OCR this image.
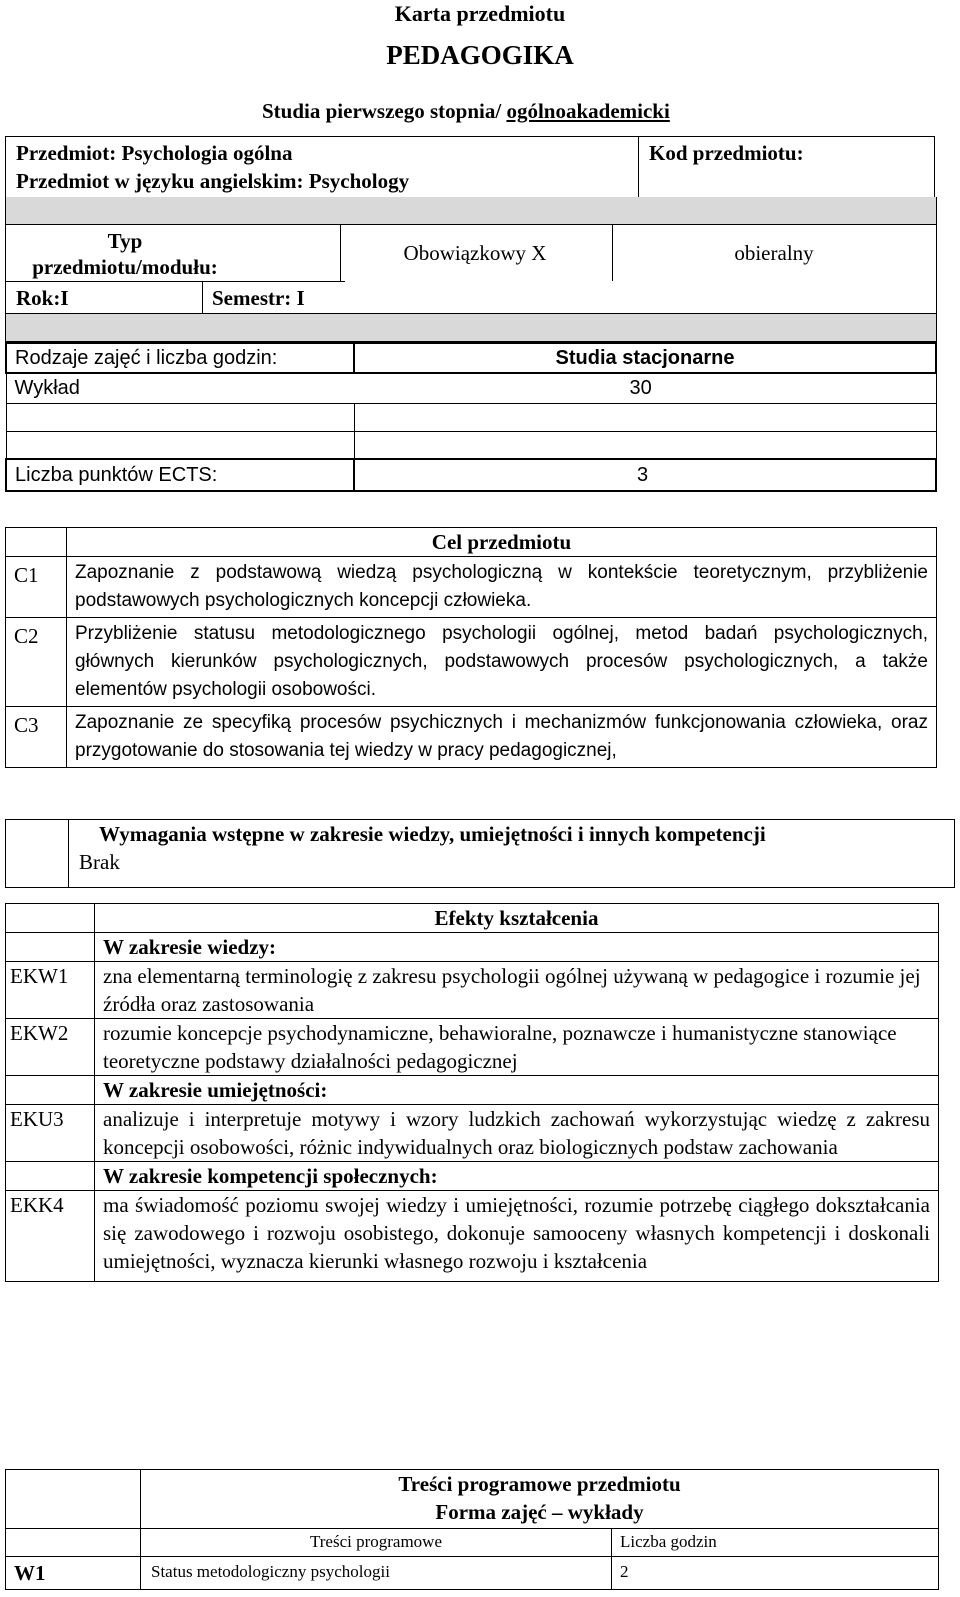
Karta przedmiotu
PEDAGOGIKA
Studia pierwszego stopnia/ ogólnoakademicki
Przedmiot: Psychologia ogólna
Przedmiot w języku angielskim: Psychology

Kod przedmiotu:
Typ przedmiotu/modułu:
Obowiązkowy X	obieralny
Rok:I	Semestr: I
Rodzaje zajęć i liczba godzin:	Studia stacjonarne
Wykład 30	

Liczba punktów ECTS:	3
	Cel przedmiotu
C1	Zapoznanie z podstawową wiedzą psychologiczną w kontekście teoretycznym, przybliżenie podstawowych psychologicznych koncepcji człowieka.
C2	Przybliżenie statusu metodologicznego psychologii ogólnej, metod badań psychologicznych, głównych kierunków psychologicznych, podstawowych procesów psychologicznych, a także elementów psychologii osobowości.
C3	Zapoznanie ze specyfiką procesów psychicznych i mechanizmów funkcjonowania człowieka, oraz przygotowanie do stosowania tej wiedzy w pracy pedagogicznej,

Wymagania wstępne w zakresie wiedzy, umiejętności i innych kompetencji
Brak
	Efekty kształcenia
	W zakresie wiedzy:
EKW1	zna elementarną terminologię z zakresu psychologii ogólnej używaną w pedagogice i rozumie jej źródła oraz zastosowania
EKW2	rozumie koncepcje psychodynamiczne, behawioralne, poznawcze i humanistyczne stanowiące teoretyczne podstawy działalności pedagogicznej
	W zakresie umiejętności:
EKU3	analizuje i interpretuje motywy i wzory ludzkich zachowań wykorzystując wiedzę z zakresu koncepcji osobowości, różnic indywidualnych oraz biologicznych podstaw zachowania
	W zakresie kompetencji społecznych:
EKK4	ma świadomość poziomu swojej wiedzy i umiejętności, rozumie potrzebę ciągłego dokształcania się zawodowego i rozwoju osobistego, dokonuje samooceny własnych kompetencji i doskonali umiejętności, wyznacza kierunki własnego rozwoju i kształcenia
	Treści programowe przedmiotu	
	Forma zajęć – wykłady	
	Treści programowe	Liczba godzin
W1	Status metodologiczny psychologii	2
